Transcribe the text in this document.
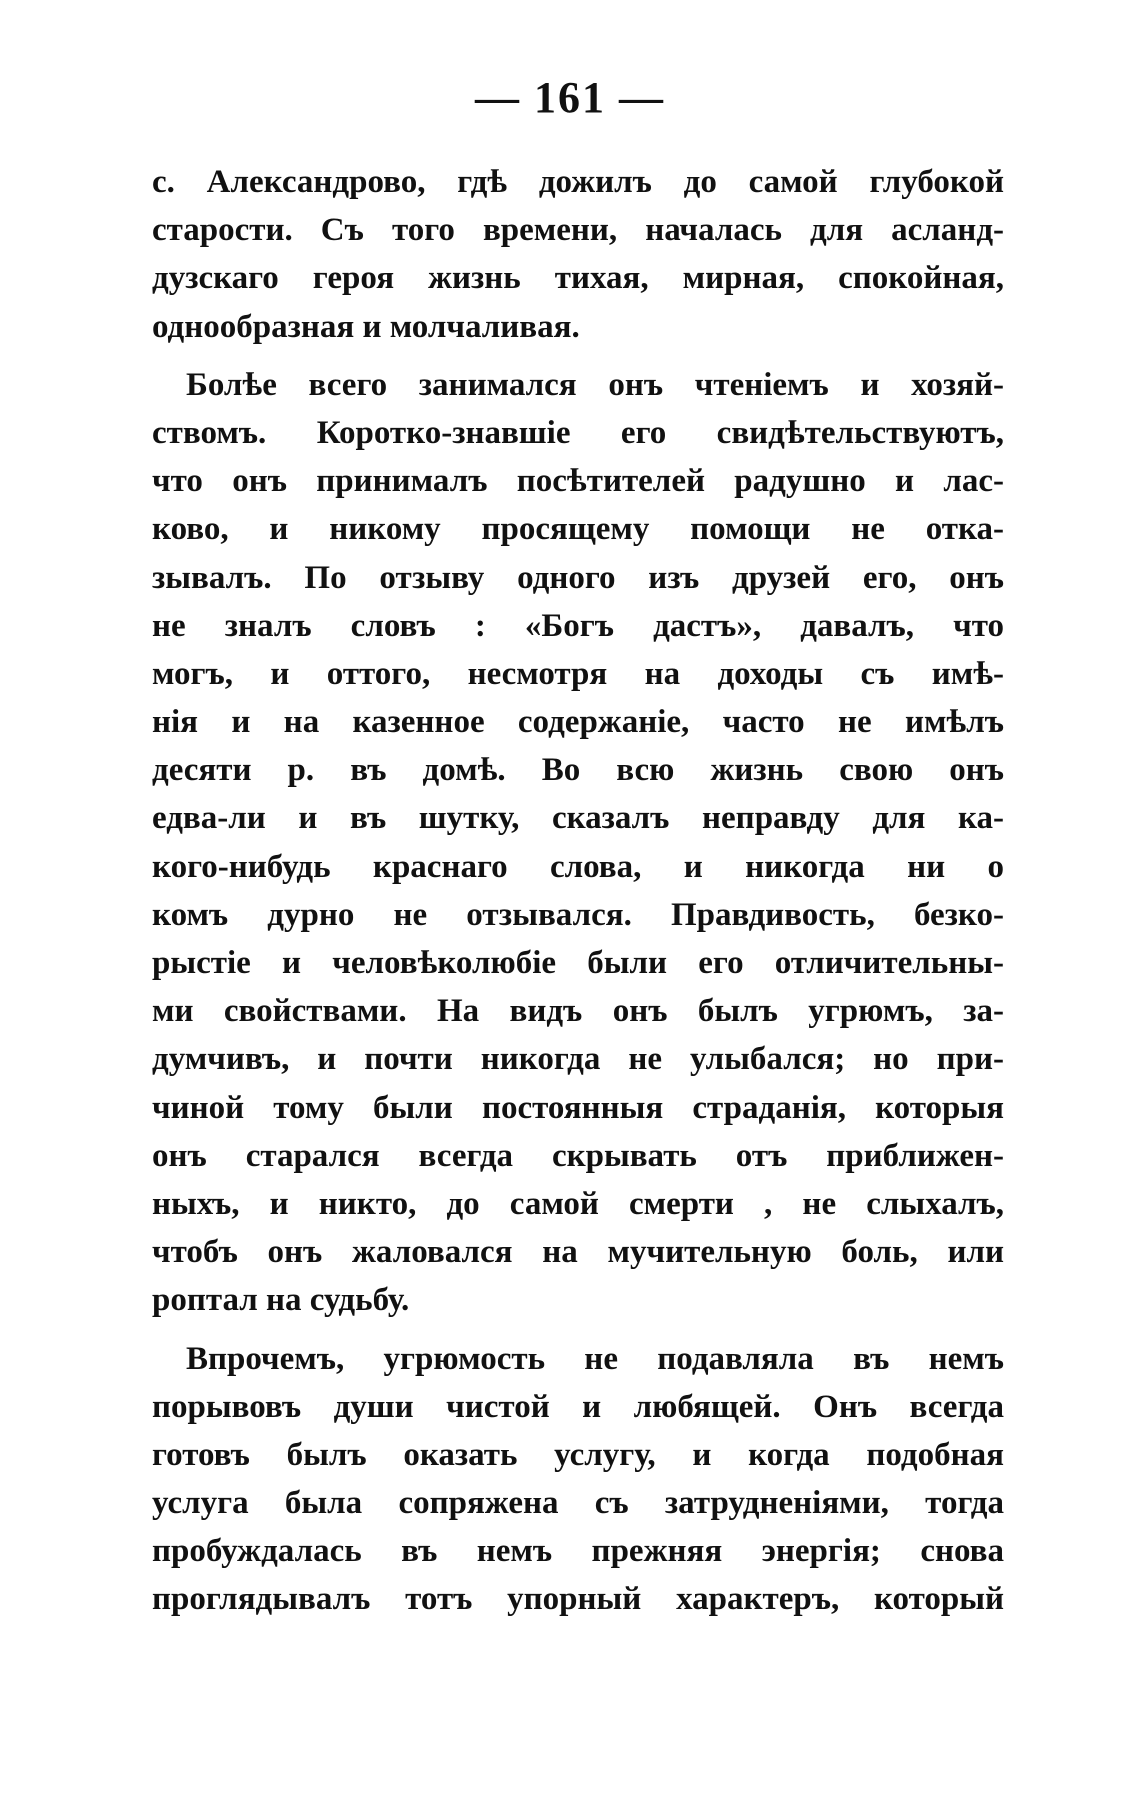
— 161 —
с. Александрово, гдѣ дожилъ до самой глубокой
старости. Съ того времени, началась для асланд-
дузскаго героя жизнь тихая, мирная, спокойная,
однообразная и молчаливая.
Болѣе всего занимался онъ чтеніемъ и хозяй-
ствомъ. Коротко-знавшіе его свидѣтельствуютъ,
что онъ принималъ посѣтителей радушно и лас-
ково, и никому просящему помощи не отка-
зывалъ. По отзыву одного изъ друзей его, онъ
не зналъ словъ : «Богъ дастъ», давалъ, что
могъ, и оттого, несмотря на доходы съ имѣ-
нія и на казенное содержаніе, часто не имѣлъ
десяти р. въ домѣ. Во всю жизнь свою онъ
едва-ли и въ шутку, сказалъ неправду для ка-
кого-нибудь краснаго слова, и никогда ни о
комъ дурно не отзывался. Правдивость, безко-
рыстіе и человѣколюбіе были его отличительны-
ми свойствами. На видъ онъ былъ угрюмъ, за-
думчивъ, и почти никогда не улыбался; но при-
чиной тому были постоянныя страданія, которыя
онъ старался всегда скрывать отъ приближен-
ныхъ, и никто, до самой смерти , не слыхалъ,
чтобъ онъ жаловался на мучительную боль, или
роптал на судьбу.
Впрочемъ, угрюмость не подавляла въ немъ
порывовъ души чистой и любящей. Онъ всегда
готовъ былъ оказать услугу, и когда подобная
услуга была сопряжена съ затрудненіями, тогда
пробуждалась въ немъ прежняя энергія; снова
проглядывалъ тотъ упорный характеръ, который
